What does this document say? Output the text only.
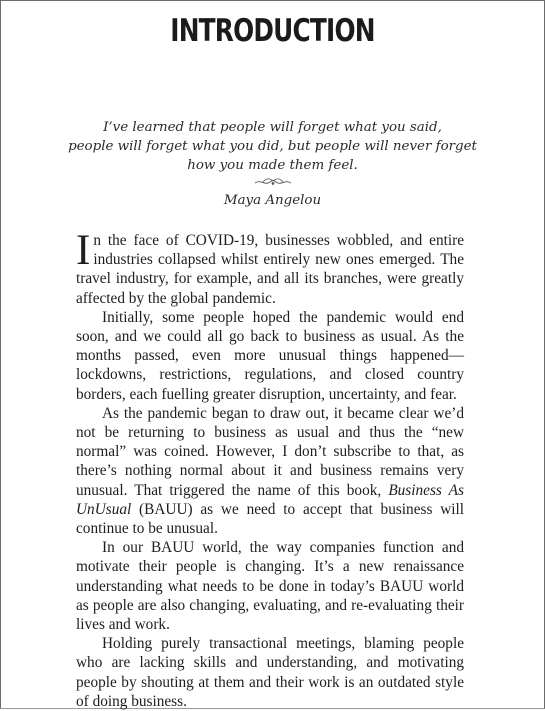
INTRODUCTION
I’ve learned that people will forget what you said,
people will forget what you did, but people will never forget
how you made them feel.
Maya Angelou

In the face of COVID-19, businesses wobbled, and entire industries collapsed whilst entirely new ones emerged. The travel industry, for example, and all its branches, were greatly affected by the global pandemic.

Initially, some people hoped the pandemic would end soon, and we could all go back to business as usual. As the months passed, even more unusual things happened—lockdowns, restrictions, regulations, and closed country borders, each fuelling greater disruption, uncertainty, and fear.

As the pandemic began to draw out, it became clear we’d not be returning to business as usual and thus the “new normal” was coined. However, I don’t subscribe to that, as there’s nothing normal about it and business remains very unusual. That triggered the name of this book, Business As UnUsual (BAUU) as we need to accept that business will continue to be unusual.

In our BAUU world, the way companies function and motivate their people is changing. It’s a new renaissance understanding what needs to be done in today’s BAUU world as people are also changing, evaluating, and re-evaluating their lives and work.

Holding purely transactional meetings, blaming people who are lacking skills and understanding, and motivating people by shouting at them and their work is an outdated style of doing business.
